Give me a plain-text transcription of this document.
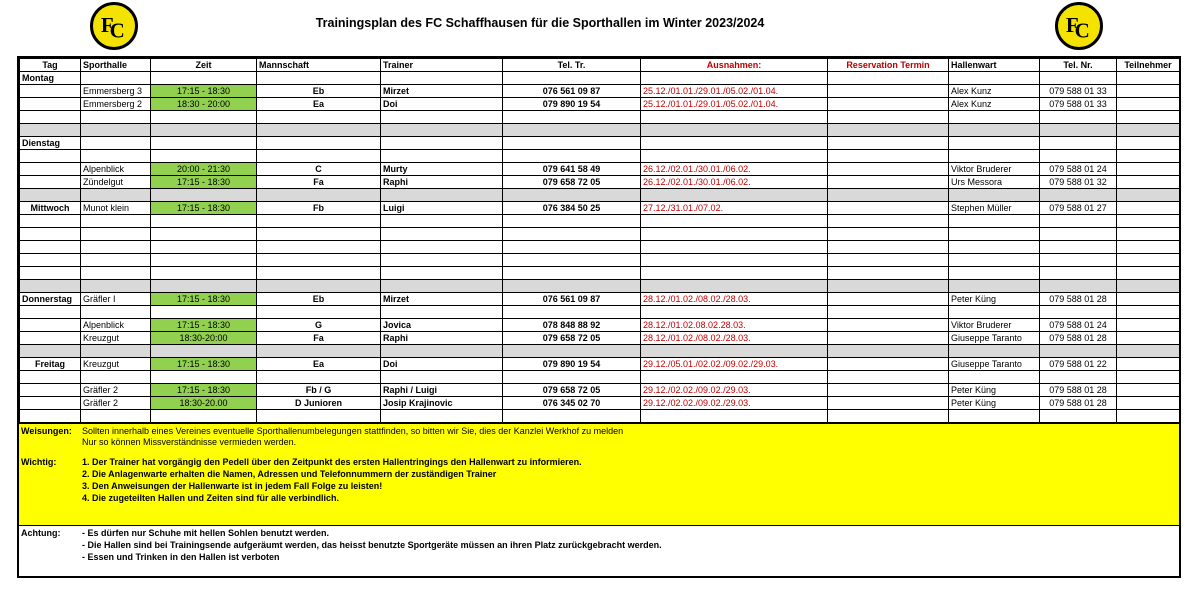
F
C	F
C
Trainingsplan des FC Schaffhausen für die Sporthallen im Winter 2023/2024
Tag	Sporthalle	Zeit	Mannschaft	Trainer	Tel. Tr.	Ausnahmen:	Reservation Termin	Hallenwart	Tel. Nr.	Teilnehmer
Montag										
	Emmersberg 3	17:15 - 18:30	Eb	Mirzet	076 561 09 87	25.12./01.01./29.01./05.02./01.04.		Alex Kunz	079 588 01 33	
	Emmersberg 2	18:30 - 20:00	Ea	Doi	079 890 19 54	25.12./01.01./29.01./05.02./01.04.		Alex Kunz	079 588 01 33	

Dienstag										

	Alpenblick	20:00 - 21:30	C	Murty	079 641 58 49	26.12./02.01./30.01./06.02.		Viktor Bruderer	079 588 01 24	
	Zündelgut	17:15 - 18:30	Fa	Raphi	079 658 72 05	26.12./02.01./30.01./06.02.		Urs Messora	079 588 01 32	

Mittwoch	Munot klein	17:15 - 18:30	Fb	Luigi	076 384 50 25	27.12./31.01./07.02.		Stephen Müller	079 588 01 27	

Donnerstag	Gräfler I	17:15 - 18:30	Eb	Mirzet	076 561 09 87	28.12./01.02./08.02./28.03.		Peter Küng	079 588 01 28	

	Alpenblick	17:15 - 18:30	G	Jovica	078 848 88 92	28.12./01.02.08.02.28.03.		Viktor Bruderer	079 588 01 24	
	Kreuzgut	18:30-20:00	Fa	Raphi	079 658 72 05	28.12./01.02./08.02./28.03.		Giuseppe Taranto	079 588 01 28	

Freitag	Kreuzgut	17:15 - 18:30	Ea	Doi	079 890 19 54	29.12./05.01./02.02./09.02./29.03.		Giuseppe Taranto	079 588 01 22	

	Gräfler 2	17:15 - 18:30	Fb / G	Raphi / Luigi	079 658 72 05	29.12./02.02./09.02./29.03.		Peter Küng	079 588 01 28	
	Gräfler 2	18:30-20.00	D Junioren	Josip Krajinovic	076 345 02 70	29.12./02.02./09.02./29.03.		Peter Küng	079 588 01 28	

Weisungen: Sollten innerhalb eines Vereines eventuelle Sporthallenumbelegungen stattfinden, so bitten wir Sie, dies der Kanzlei Werkhof zu melden
Nur so können Missverständnisse vermieden werden.
Wichtig:	1. Der Trainer hat vorgängig den Pedell über den Zeitpunkt des ersten Hallentringings den Hallenwart zu informieren.
2. Die Anlagenwarte erhalten die Namen, Adressen und Telefonnummern der zuständigen Trainer
3. Den Anweisungen der Hallenwarte ist in jedem Fall Folge zu leisten!
4. Die zugeteilten Hallen und Zeiten sind für alle verbindlich.
Achtung: - Es dürfen nur Schuhe mit hellen Sohlen benutzt werden.
- Die Hallen sind bei Trainingsende aufgeräumt werden, das heisst benutzte Sportgeräte müssen an ihren Platz zurückgebracht werden.
- Essen und Trinken in den Hallen ist verboten
